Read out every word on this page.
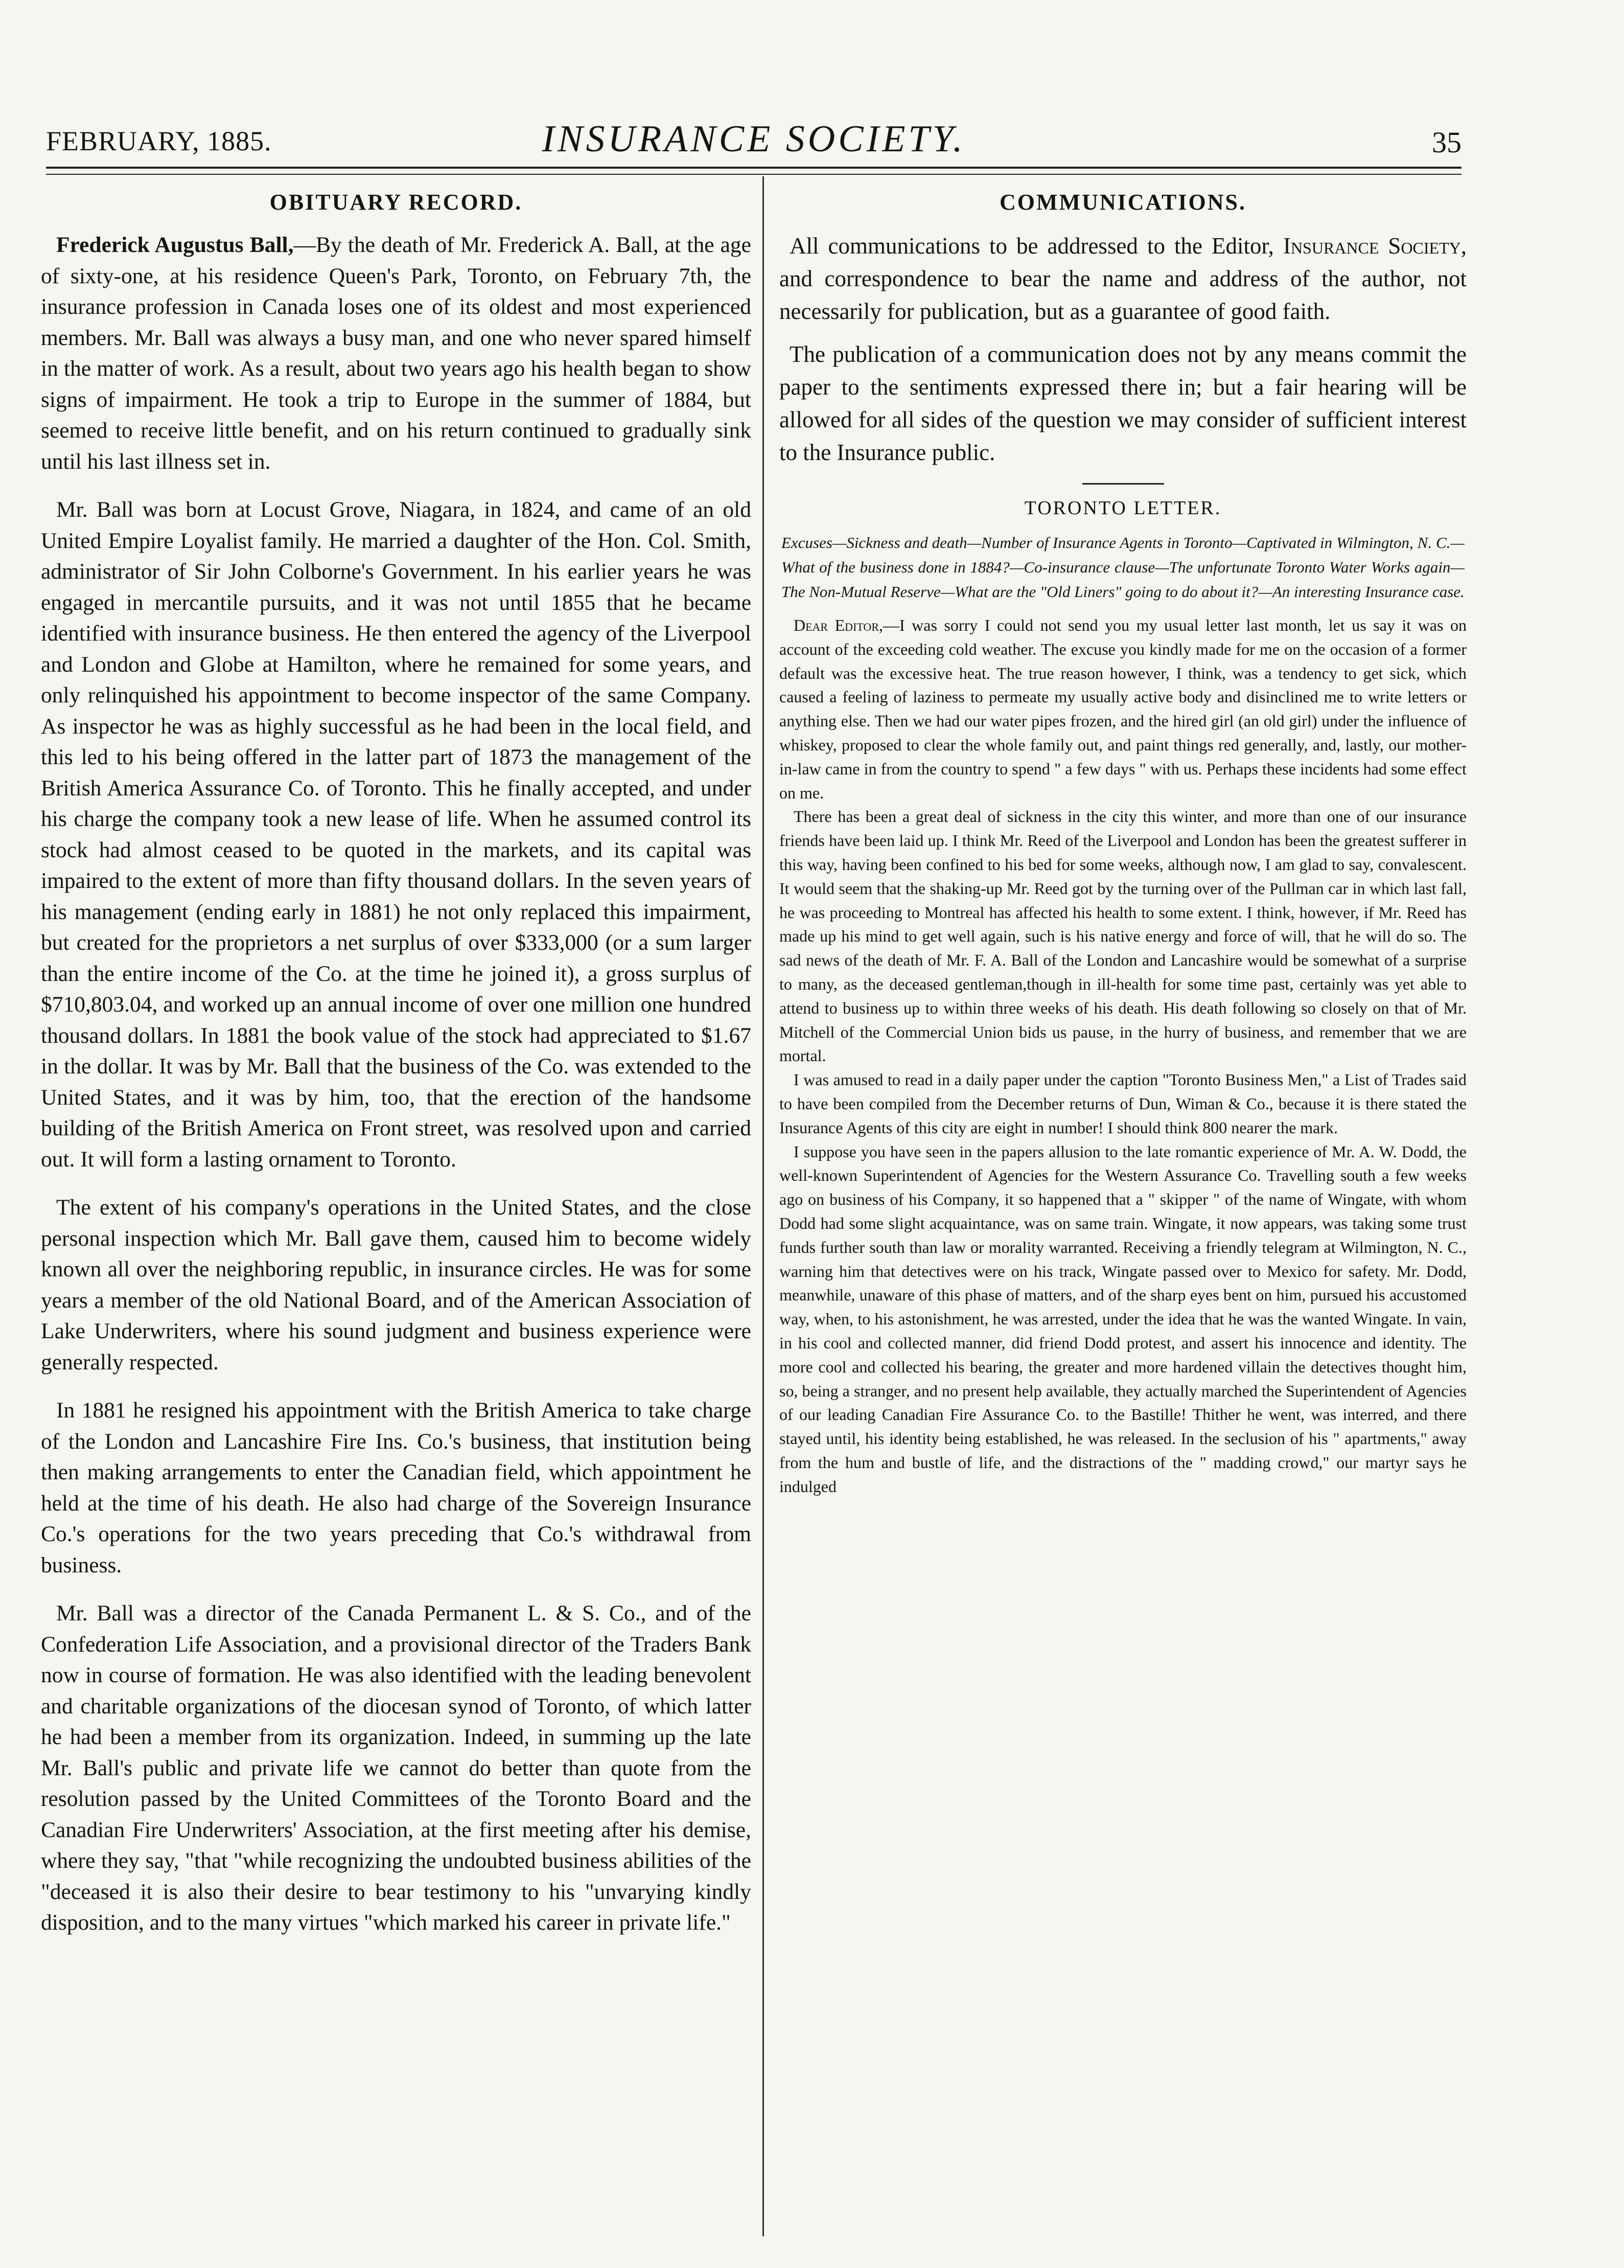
FEBRUARY, 1885.	INSURANCE SOCIETY.	35
OBITUARY RECORD.

Frederick Augustus Ball,—By the death of Mr. Frederick A. Ball, at the age of sixty-one, at his residence Queen's Park, Toronto, on February 7th, the insurance profession in Canada loses one of its oldest and most experienced members. Mr. Ball was always a busy man, and one who never spared himself in the matter of work. As a result, about two years ago his health began to show signs of impairment. He took a trip to Europe in the summer of 1884, but seemed to receive little benefit, and on his return continued to gradually sink until his last illness set in.

Mr. Ball was born at Locust Grove, Niagara, in 1824, and came of an old United Empire Loyalist family. He married a daughter of the Hon. Col. Smith, administrator of Sir John Colborne's Government. In his earlier years he was engaged in mercantile pursuits, and it was not until 1855 that he became identified with insurance business. He then entered the agency of the Liverpool and London and Globe at Hamilton, where he remained for some years, and only relinquished his appointment to become inspector of the same Company. As inspector he was as highly successful as he had been in the local field, and this led to his being offered in the latter part of 1873 the management of the British America Assurance Co. of Toronto. This he finally accepted, and under his charge the company took a new lease of life. When he assumed control its stock had almost ceased to be quoted in the markets, and its capital was impaired to the extent of more than fifty thousand dollars. In the seven years of his management (ending early in 1881) he not only replaced this impairment, but created for the proprietors a net surplus of over $333,000 (or a sum larger than the entire income of the Co. at the time he joined it), a gross surplus of $710,803.04, and worked up an annual income of over one million one hundred thousand dollars. In 1881 the book value of the stock had appreciated to $1.67 in the dollar. It was by Mr. Ball that the business of the Co. was extended to the United States, and it was by him, too, that the erection of the handsome building of the British America on Front street, was resolved upon and carried out. It will form a lasting ornament to Toronto.

The extent of his company's operations in the United States, and the close personal inspection which Mr. Ball gave them, caused him to become widely known all over the neighboring republic, in insurance circles. He was for some years a member of the old National Board, and of the American Association of Lake Underwriters, where his sound judgment and business experience were generally respected.

In 1881 he resigned his appointment with the British America to take charge of the London and Lancashire Fire Ins. Co.'s business, that institution being then making arrangements to enter the Canadian field, which appointment he held at the time of his death. He also had charge of the Sovereign Insurance Co.'s operations for the two years preceding that Co.'s withdrawal from business.

Mr. Ball was a director of the Canada Permanent L. & S. Co., and of the Confederation Life Association, and a provisional director of the Traders Bank now in course of formation. He was also identified with the leading benevolent and charitable organizations of the diocesan synod of Toronto, of which latter he had been a member from its organization. Indeed, in summing up the late Mr. Ball's public and private life we cannot do better than quote from the resolution passed by the United Committees of the Toronto Board and the Canadian Fire Underwriters' Association, at the first meeting after his demise, where they say, "that "while recognizing the undoubted business abilities of the "deceased it is also their desire to bear testimony to his "unvarying kindly disposition, and to the many virtues "which marked his career in private life."

COMMUNICATIONS.

All communications to be addressed to the Editor, Insurance Society, and correspondence to bear the name and address of the author, not necessarily for publication, but as a guarantee of good faith.

The publication of a communication does not by any means commit the paper to the sentiments expressed there in; but a fair hearing will be allowed for all sides of the question we may consider of sufficient interest to the Insurance public.

TORONTO LETTER.
Excuses—Sickness and death—Number of Insurance Agents in Toronto—Captivated in Wilmington, N. C.—What of the business done in 1884?—Co-insurance clause—The unfortunate Toronto Water Works again—The Non-Mutual Reserve—What are the "Old Liners" going to do about it?—An interesting Insurance case.

Dear Editor,—I was sorry I could not send you my usual letter last month, let us say it was on account of the exceeding cold weather. The excuse you kindly made for me on the occasion of a former default was the excessive heat. The true reason however, I think, was a tendency to get sick, which caused a feeling of laziness to permeate my usually active body and disinclined me to write letters or anything else. Then we had our water pipes frozen, and the hired girl (an old girl) under the influence of whiskey, proposed to clear the whole family out, and paint things red generally, and, lastly, our mother-in-law came in from the country to spend " a few days " with us. Perhaps these incidents had some effect on me.

There has been a great deal of sickness in the city this winter, and more than one of our insurance friends have been laid up. I think Mr. Reed of the Liverpool and London has been the greatest sufferer in this way, having been confined to his bed for some weeks, although now, I am glad to say, convalescent. It would seem that the shaking-up Mr. Reed got by the turning over of the Pullman car in which last fall, he was proceeding to Montreal has affected his health to some extent. I think, however, if Mr. Reed has made up his mind to get well again, such is his native energy and force of will, that he will do so. The sad news of the death of Mr. F. A. Ball of the London and Lancashire would be somewhat of a surprise to many, as the deceased gentleman,though in ill-health for some time past, certainly was yet able to attend to business up to within three weeks of his death. His death following so closely on that of Mr. Mitchell of the Commercial Union bids us pause, in the hurry of business, and remember that we are mortal.

I was amused to read in a daily paper under the caption "Toronto Business Men," a List of Trades said to have been compiled from the December returns of Dun, Wiman & Co., because it is there stated the Insurance Agents of this city are eight in number! I should think 800 nearer the mark.

I suppose you have seen in the papers allusion to the late romantic experience of Mr. A. W. Dodd, the well-known Superintendent of Agencies for the Western Assurance Co. Travelling south a few weeks ago on business of his Company, it so happened that a " skipper " of the name of Wingate, with whom Dodd had some slight acquaintance, was on same train. Wingate, it now appears, was taking some trust funds further south than law or morality warranted. Receiving a friendly telegram at Wilmington, N. C., warning him that detectives were on his track, Wingate passed over to Mexico for safety. Mr. Dodd, meanwhile, unaware of this phase of matters, and of the sharp eyes bent on him, pursued his accustomed way, when, to his astonishment, he was arrested, under the idea that he was the wanted Wingate. In vain, in his cool and collected manner, did friend Dodd protest, and assert his innocence and identity. The more cool and collected his bearing, the greater and more hardened villain the detectives thought him, so, being a stranger, and no present help available, they actually marched the Superintendent of Agencies of our leading Canadian Fire Assurance Co. to the Bastille! Thither he went, was interred, and there stayed until, his identity being established, he was released. In the seclusion of his " apartments," away from the hum and bustle of life, and the distractions of the " madding crowd," our martyr says he indulged
